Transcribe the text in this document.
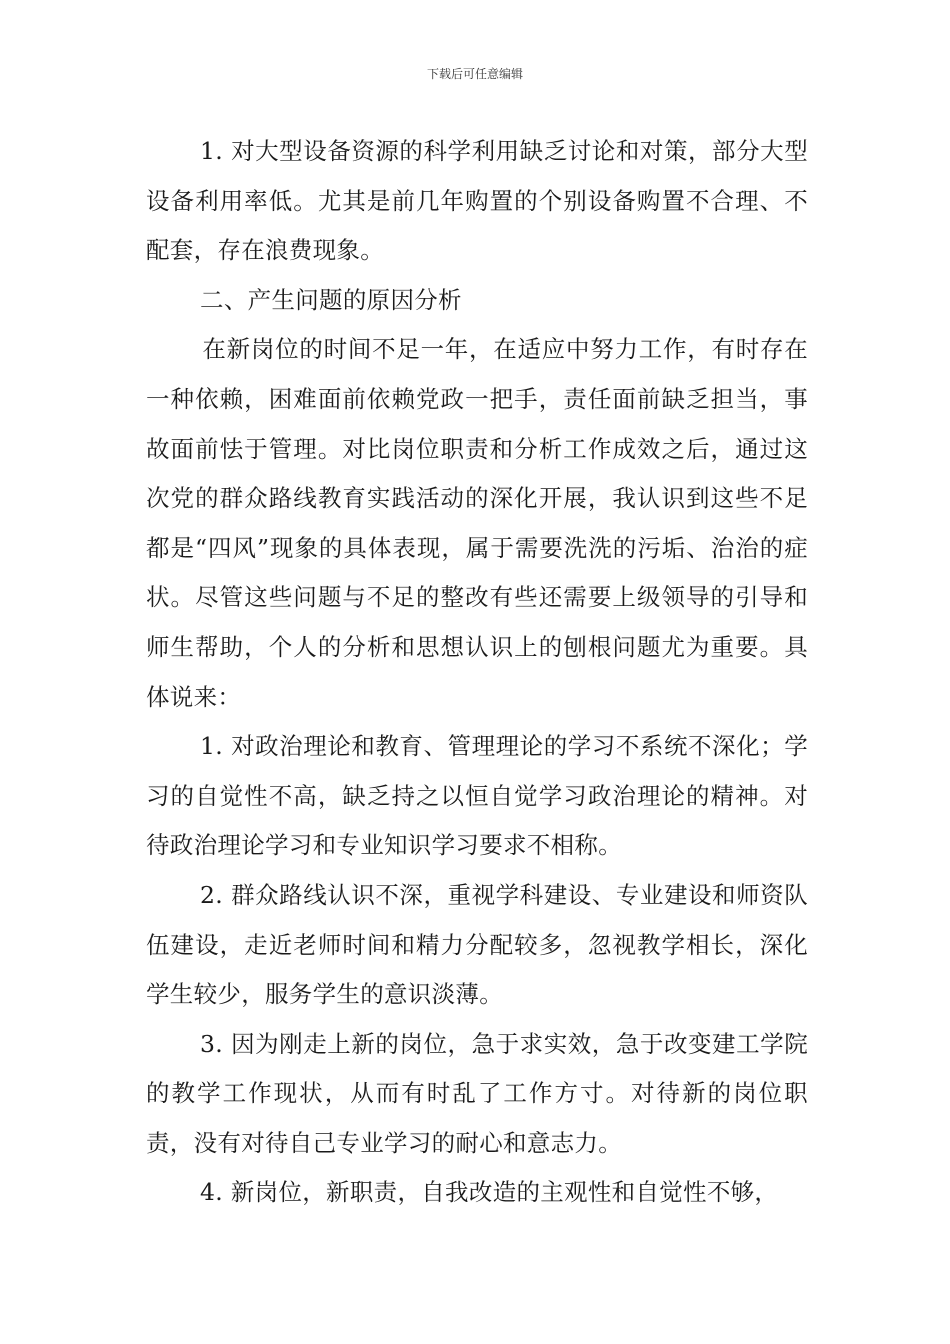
下载后可任意编辑

1. 对大型设备资源的科学利用缺乏讨论和对策，部分大型设备利用率低。尤其是前几年购置的个别设备购置不合理、不配套，存在浪费现象。

二、产生问题的原因分析

在新岗位的时间不足一年，在适应中努力工作，有时存在一种依赖，困难面前依赖党政一把手，责任面前缺乏担当，事故面前怯于管理。对比岗位职责和分析工作成效之后，通过这次党的群众路线教育实践活动的深化开展，我认识到这些不足都是“四风”现象的具体表现，属于需要洗洗的污垢、治治的症状。尽管这些问题与不足的整改有些还需要上级领导的引导和师生帮助，个人的分析和思想认识上的刨根问题尤为重要。具体说来：

1. 对政治理论和教育、管理理论的学习不系统不深化；学习的自觉性不高，缺乏持之以恒自觉学习政治理论的精神。对待政治理论学习和专业知识学习要求不相称。

2. 群众路线认识不深，重视学科建设、专业建设和师资队伍建设，走近老师时间和精力分配较多，忽视教学相长，深化学生较少，服务学生的意识淡薄。

3. 因为刚走上新的岗位，急于求实效，急于改变建工学院的教学工作现状，从而有时乱了工作方寸。对待新的岗位职责，没有对待自己专业学习的耐心和意志力。

4. 新岗位，新职责，自我改造的主观性和自觉性不够，
